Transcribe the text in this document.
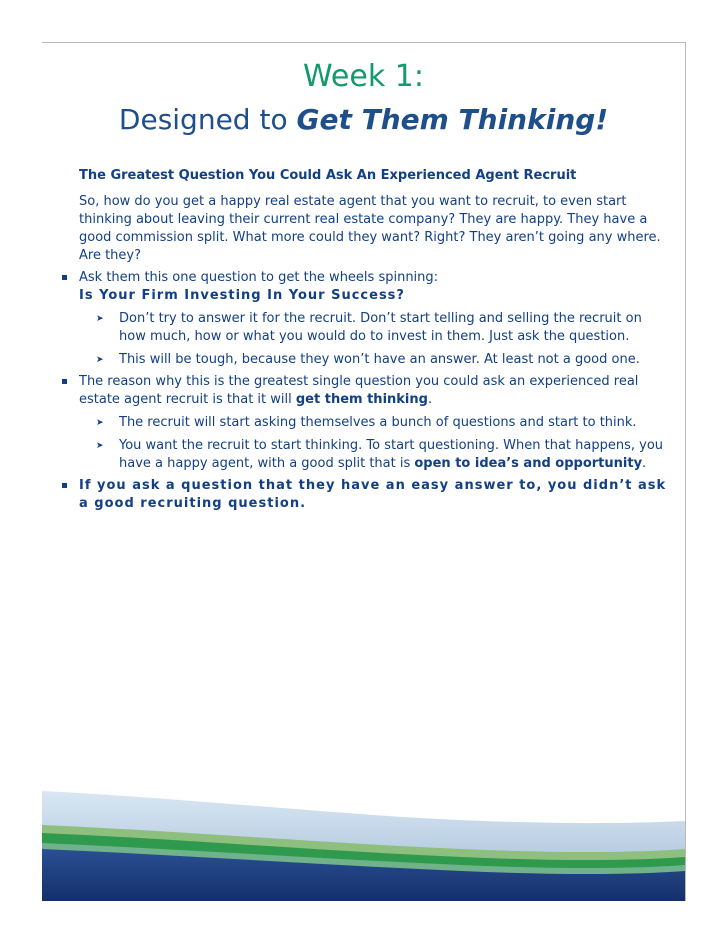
Week 1:
Designed to Get Them Thinking!
The Greatest Question You Could Ask An Experienced Agent Recruit
So, how do you get a happy real estate agent that you want to recruit, to even start thinking about leaving their current real estate company? They are happy. They have a good commission split. What more could they want? Right? They aren’t going any where. Are they?
Ask them this one question to get the wheels spinning:
Is Your Firm Investing In Your Success?
➤ Don’t try to answer it for the recruit. Don’t start telling and selling the recruit on how much, how or what you would do to invest in them. Just ask the question.
➤ This will be tough, because they won’t have an answer. At least not a good one.
The reason why this is the greatest single question you could ask an experienced real estate agent recruit is that it will get them thinking.
➤ The recruit will start asking themselves a bunch of questions and start to think.
➤ You want the recruit to start thinking. To start questioning. When that happens, you have a happy agent, with a good split that is open to idea’s and opportunity.
If you ask a question that they have an easy answer to, you didn’t ask a good recruiting question.
